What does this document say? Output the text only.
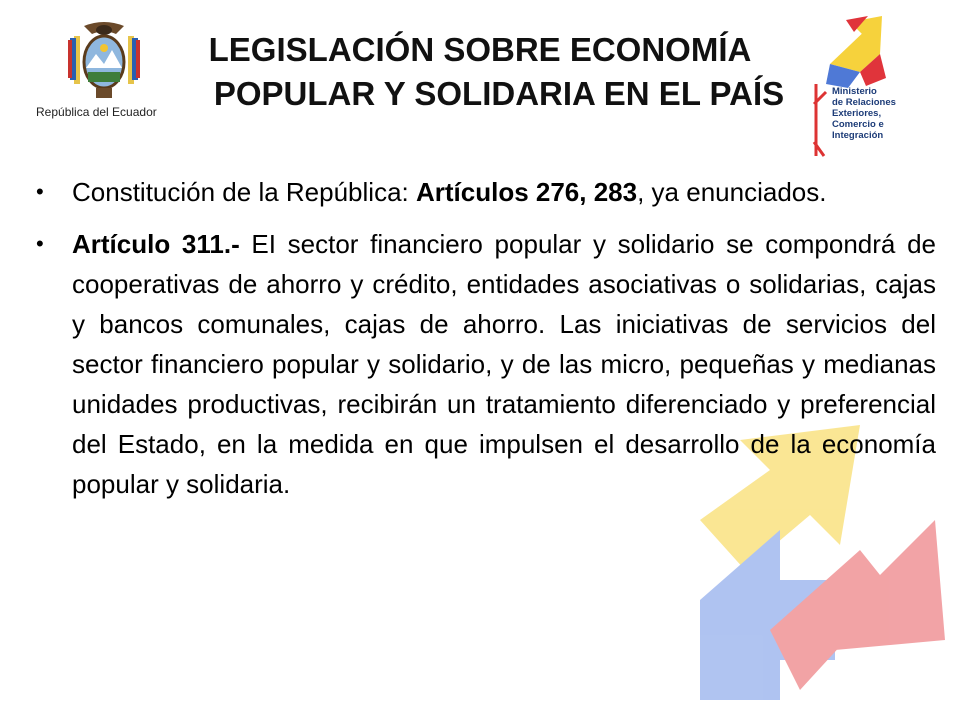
República del Ecuador
LEGISLACIÓN SOBRE ECONOMÍA
POPULAR Y SOLIDARIA EN EL PAÍS	Ministerio
de Relaciones Exteriores,
Comercio e Integración
• Constitución de la República: Artículos 276, 283, ya enunciados.
• Artículo 311.- EI sector financiero popular y solidario se compondrá de cooperativas de ahorro y crédito, entidades asociativas o solidarias, cajas y bancos comunales, cajas de ahorro. Las iniciativas de servicios del sector financiero popular y solidario, y de las micro, pequeñas y medianas unidades productivas, recibirán un tratamiento diferenciado y preferencial del Estado, en la medida en que impulsen el desarrollo de la economía popular y solidaria.
